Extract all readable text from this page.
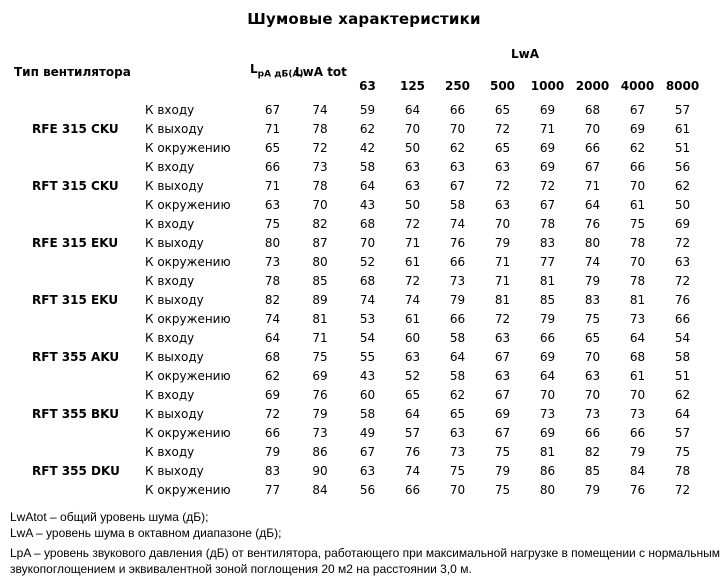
Шумовые характеристики
				LwA							
Тип вентилятора		$L_{pA дБ(A)}$	LwA tot								
				63	125	250	500	1000	2000	4000	8000
	К входу	67	74	59	64	66	65	69	68	67	57
RFE 315 CKU	К выходу	71	78	62	70	70	72	71	70	69	61
	К окружению	65	72	42	50	62	65	69	66	62	51
	К входу	66	73	58	63	63	63	69	67	66	56
RFT 315 CKU	К выходу	71	78	64	63	67	72	72	71	70	62
	К окружению	63	70	43	50	58	63	67	64	61	50
	К входу	75	82	68	72	74	70	78	76	75	69
RFE 315 EKU	К выходу	80	87	70	71	76	79	83	80	78	72
	К окружению	73	80	52	61	66	71	77	74	70	63
	К входу	78	85	68	72	73	71	81	79	78	72
RFT 315 EKU	К выходу	82	89	74	74	79	81	85	83	81	76
	К окружению	74	81	53	61	66	72	79	75	73	66
	К входу	64	71	54	60	58	63	66	65	64	54
RFT 355 AKU	К выходу	68	75	55	63	64	67	69	70	68	58
	К окружению	62	69	43	52	58	63	64	63	61	51
	К входу	69	76	60	65	62	67	70	70	70	62
RFT 355 BKU	К выходу	72	79	58	64	65	69	73	73	73	64
	К окружению	66	73	49	57	63	67	69	66	66	57
	К входу	79	86	67	76	73	75	81	82	79	75
RFT 355 DKU	К выходу	83	90	63	74	75	79	86	85	84	78
	К окружению	77	84	56	66	70	75	80	79	76	72

LwAtot – общий уровень шума (дБ);

LwA – уровень шума в октавном диапазоне (дБ);

LpA – уровень звукового давления (дБ) от вентилятора, работающего при максимальной нагрузке в помещении с нормальным звукопоглощением и эквивалентной зоной поглощения 20 м2 на расстоянии 3,0 м.
